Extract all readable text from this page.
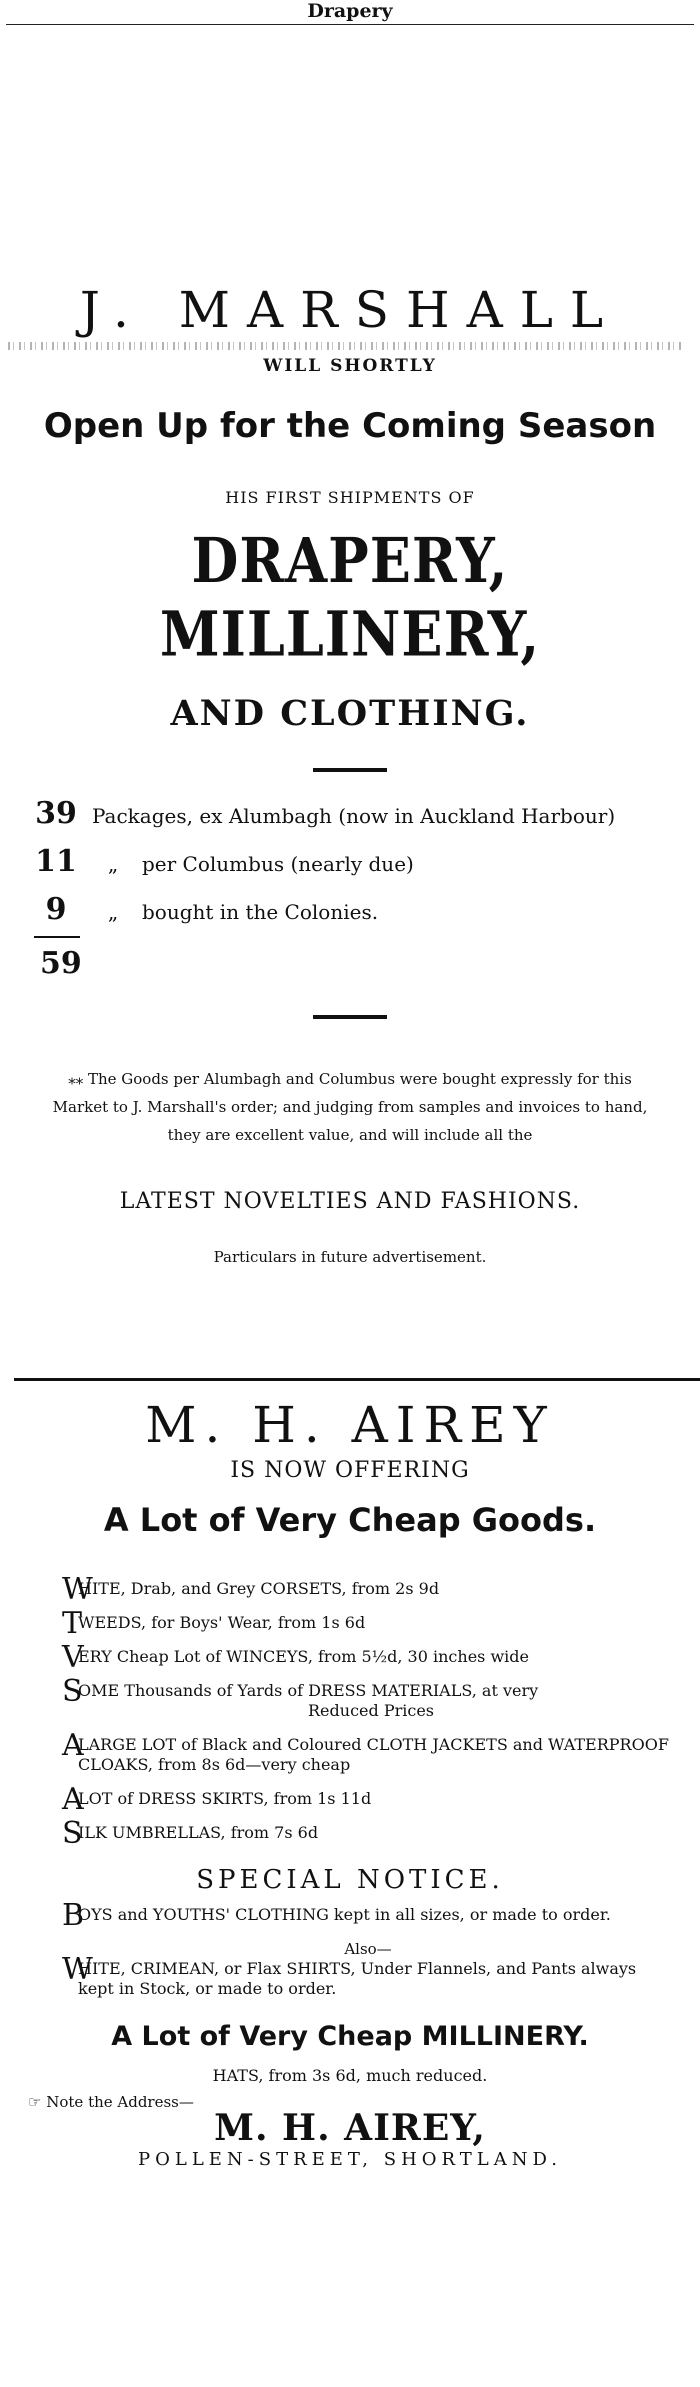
Drapery
J. MARSHALL
WILL SHORTLY
Open Up for the Coming Season
HIS FIRST SHIPMENTS OF
DRAPERY, MILLINERY,
AND CLOTHING.
39 Packages, ex Alumbagh (now in Auckland Harbour)
11	„	per Columbus (nearly due)
9	„	bought in the Colonies.
59
⁎⁎ The Goods per Alumbagh and Columbus were bought expressly for this Market to J. Marshall's order; and judging from samples and invoices to hand, they are excellent value, and will include all the
LATEST NOVELTIES AND FASHIONS.
Particulars in future advertisement.
M. H. AIREY
IS NOW OFFERING
A Lot of Very Cheap Goods.
W
HITE, Drab, and Grey CORSETS, from 2s 9d
T
WEEDS, for Boys' Wear, from 1s 6d
V
ERY Cheap Lot of WINCEYS, from 5½d, 30 inches wide
S
OME Thousands of Yards of DRESS MATERIALS, at very
Reduced Prices
A
LARGE LOT of Black and Coloured CLOTH JACKETS and WATERPROOF CLOAKS, from 8s 6d—very cheap
A
LOT of DRESS SKIRTS, from 1s 11d
S
ILK UMBRELLAS, from 7s 6d
SPECIAL NOTICE.
B
OYS and YOUTHS' CLOTHING kept in all sizes, or made to order.
Also—
W
HITE, CRIMEAN, or Flax SHIRTS, Under Flannels, and Pants always kept in Stock, or made to order.
A Lot of Very Cheap MILLINERY.
HATS, from 3s 6d, much reduced.
☞ Note the Address—
M. H. AIREY,
POLLEN-STREET, SHORTLAND.
